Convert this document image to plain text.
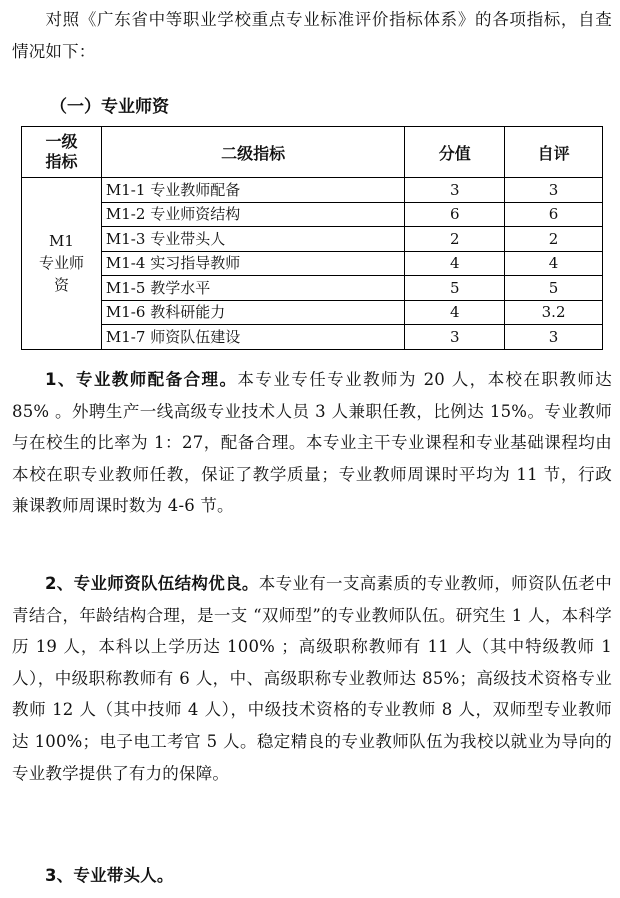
对照《广东省中等职业学校重点专业标准评价指标体系》的各项指标，自查情况如下：
（一）专业师资
一级指标	二级指标	分值	自评

M1
专业师
资	M1-1 专业教师配备	3	3
	M1-2 专业师资结构	6	6
	M1-3 专业带头人	2	2
	M1-4 实习指导教师	4	4
	M1-5 教学水平	5	5
	M1-6 教科研能力	4	3.2
	M1-7 师资队伍建设	3	3
1、专业教师配备合理。本专业专任专业教师为 20 人，本校在职教师达 85% 。外聘生产一线高级专业技术人员 3 人兼职任教，比例达 15%。专业教师与在校生的比率为 1：27，配备合理。本专业主干专业课程和专业基础课程均由本校在职专业教师任教，保证了教学质量；专业教师周课时平均为 11 节，行政兼课教师周课时数为 4-6 节。
2、专业师资队伍结构优良。本专业有一支高素质的专业教师，师资队伍老中青结合，年龄结构合理，是一支 “双师型”的专业教师队伍。研究生 1 人，本科学历 19 人，本科以上学历达 100% ；高级职称教师有 11 人（其中特级教师 1 人），中级职称教师有 6 人，中、高级职称专业教师达 85%；高级技术资格专业教师 12 人（其中技师 4 人），中级技术资格的专业教师 8 人，双师型专业教师达 100%；电子电工考官 5 人。稳定精良的专业教师队伍为我校以就业为导向的专业教学提供了有力的保障。
3、专业带头人。
